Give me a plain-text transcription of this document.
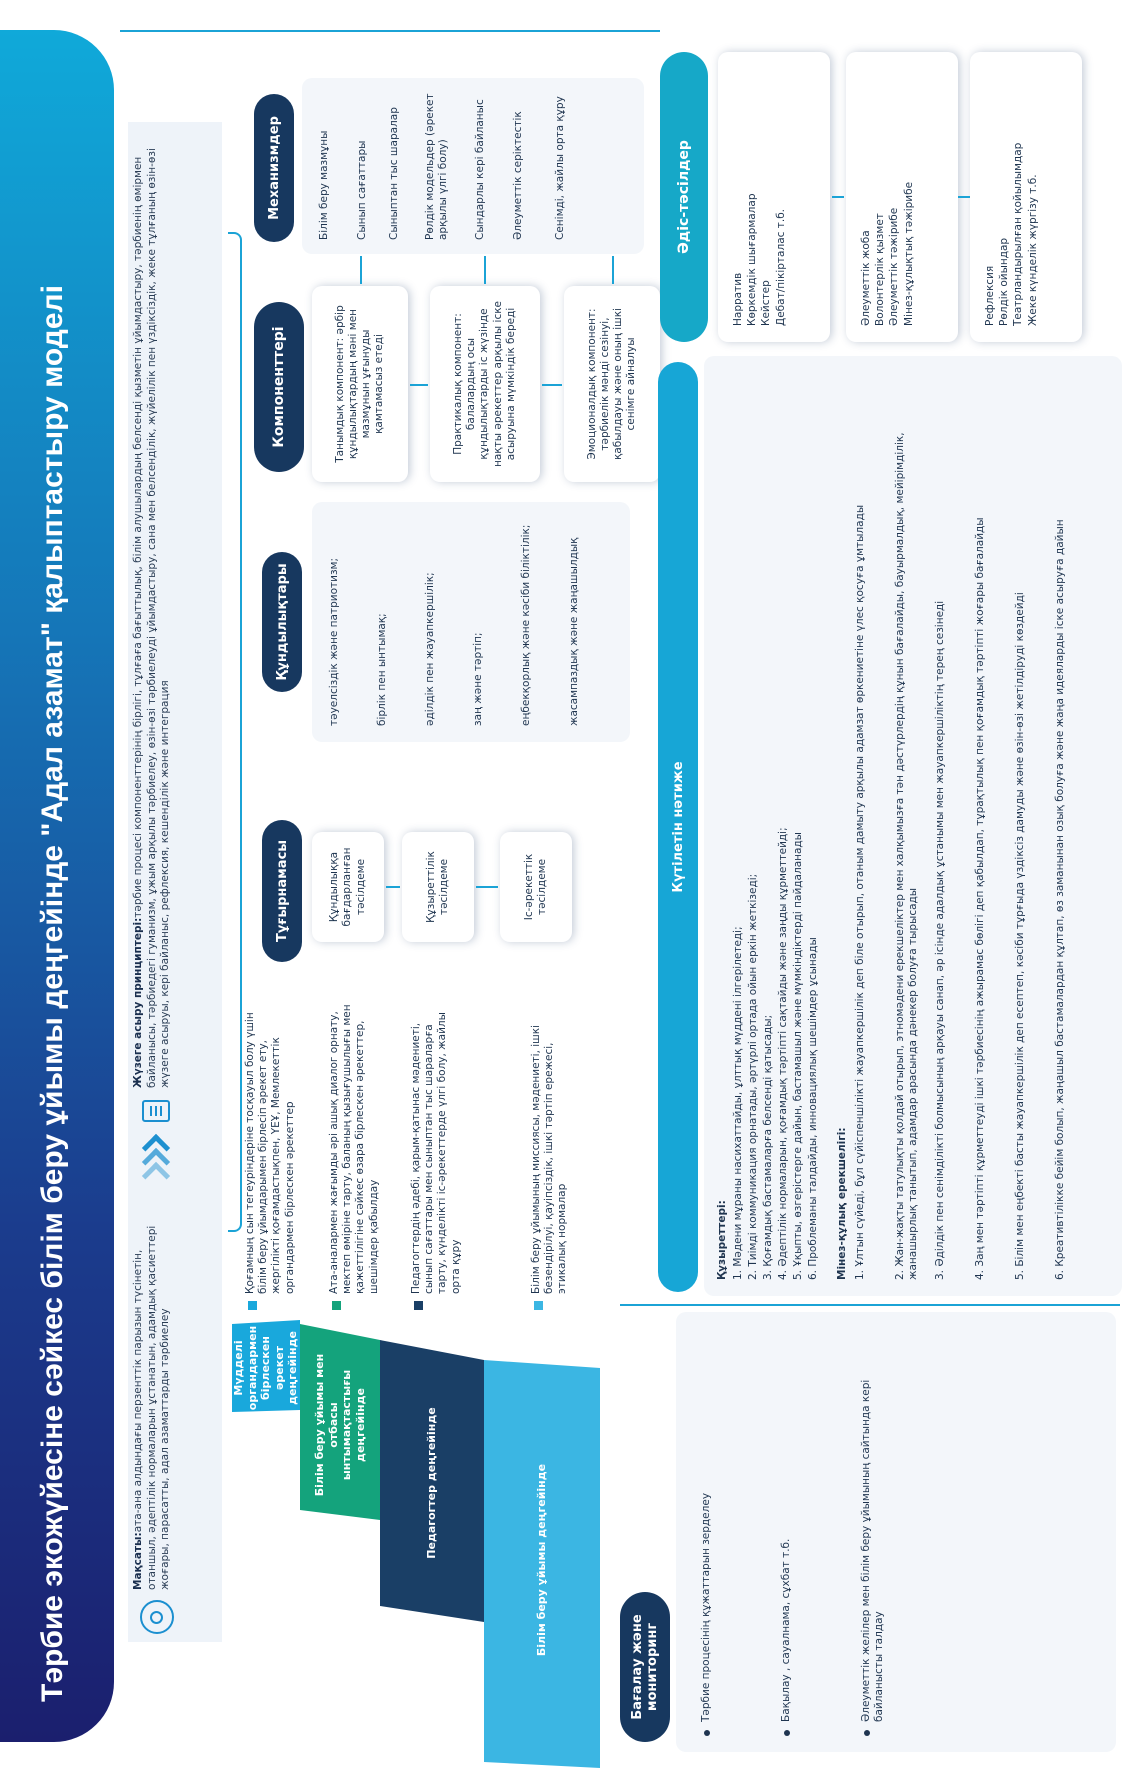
Тәрбие экожүйесіне сәйкес білім беру ұйымы деңгейінде "Адал азамат" қалыптастыру моделі	Мақсаты:ата-ана алдындағы перзенттік парызын түсінетін, отаншыл, әдептілік нормаларын ұстанатын, адамдық қасиеттері жоғары, парасатты, адал азаматтарды тәрбиелеу
Жүзеге асыру принциптері:тәрбие процесі компоненттерінің бірлігі, тұлғаға бағыттылық, білім алушылардың белсенді қызметін ұйымдастыру, тәрбиенің өмірмен байланысы, тәрбиедегі гуманизм, ұжым арқылы тәрбиелеу, өзін-өзі тәрбиелеуді ұйымдастыру, сана мен белсенділік, жүйелілік пен үздіксіздік, жеке тұлғаның өзін-өзі жүзеге асыруы, кері байланыс, рефлексия, кешенділік және интеграция
Мүдделі органдармен бірлескен әрекет деңгейінде	Білім беру ұйымы мен отбасы ынтымақтастығы деңгейінде	Педагогтер деңгейінде	Білім беру ұйымы деңгейінде
Қоғамның сын тегеуріндеріне тосқауыл болу үшін білім беру ұйымдарымен бірлесіп әрекет ету, жергілікті қоғамдастықпен, ҮЕҰ, Мемлекеттік органдармен бірлескен әрекеттер	Ата-аналармен жағымды әрі ашық диалог орнату, мектеп өміріне тарту, баланың қызығушылығы мен қажеттілігіне сәйкес өзара бірлескен әрекеттер, шешімдер қабылдау	Педагогтердің әдебі, қарым-қатынас мәдениеті, сынып сағаттары мен сыныптан тыс шараларға тарту, күнделікті іс-әрекеттерде үлгі болу, жайлы орта құру	Білім беру ұйымының миссиясы, мәдениеті, ішкі безендірілуі, қауіпсіздік, ішкі тәртіп ережесі, этикалық нормалар
Тұғырнамасы
Құндылықтары
Компоненттері
Механизмдер
Құндылыққа бағдарланған тәсілдеме	Құзыреттілік тәсілдеме	Іс-әрекеттік тәсілдеме
тәуелсіздік және патриотизм;	бірлік пен ынтымақ;	әділдік пен жауапкершілік;	заң және тәртіп;	еңбекқорлық және кәсіби біліктілік;	жасампаздық және жаңашылдық
Танымдық компонент: әрбір құндылықтардың мәні мен мазмұнын ұғынуды қамтамасыз етеді	Практикалық компонент: балалардың осы құндылықтарды іс жүзінде нақты әрекеттер арқылы іске асыруына мүмкіндік береді	Эмоционалдық компонент: тәрбиелік мәнді сезінуі, қабылдауы және оның ішкі сенімге айналуы
Білім беру мазмұны Сынып сағаттары Сыныптан тыс шаралар Рөлдік модельдер (әрекет арқылы үлгі болу) Сындарлы кері байланыс Әлеуметтік серіктестік	Сенімді, жайлы орта құру	Әдіс-тәсілдер
Нарратив Көркемдік шығармалар Кейстер Дебат/пікірталас т.б.	Әлеуметтік жоба Волонтерлік қызмет Әлеуметтік тәжірибе Мінез-құлықтық тәжірибе	Рефлексия Рөлдік ойындар Театрландырылған қойылымдар Жеке күнделік жүргізу т.б.
Күтілетін нәтиже
Құзыреттері: 1. Мәдени мұраны насихаттайды, ұлттық мүддені ілгерілетеді; 2. Тиімді коммуникация орнатады, әртүрлі ортада ойын еркін жеткізеді; 3. Қоғамдық бастамаларға белсенді қатысады; 4. Әдептілік нормаларын, қоғамдық тәртіпті сақтайды және заңды құрметтейді; 5. Ұқыпты, өзгерістерге дайын, бастамашыл және мүмкіндіктерді пайдаланады 6. Проблеманы талдайды, инновациялық шешімдер ұсынады Мінез-құлық ерекшелігі: 1. Ұлтын сүйеді, бұл сүйіспеншілікті жауапкершілік деп біле отырып, отаным дамыту арқылы адамзат өркениетіне үлес қосуға ұмтылады	2. Жан-жақты татулықты қолдай отырып, этномәдени ерекшеліктер мен халқымызға тән дәстүрлердің құнын бағалайды, бауырмалдық, мейірімділік, жанашырлық танытып, адамдар арасында дәнекер болуға тырысады 3. Әділдік пен сенімділікті болмысының арқауы санап, әр ісінде адалдық ұстанымы мен жауапкершіліктің терең сезінеді	4. Заң мен тәртіпті құрметтеуді ішкі тәрбиесінің ажырамас бөлігі деп қабылдап, тұрақтылық пен қоғамдық тәртіпті жоғары бағалайды	5. Білім мен еңбекті басты жауапкершілік деп есептеп, кәсіби тұрғыда үздіксіз дамуды және өзін-өзі жетілдіруді көздейді	6. Креативтілікке бейім болып, жаңашыл бастамалардан құлтап, өз заманынан озық болуға және жаңа идеяларды іске асыруға дайын
Бағалау және мониторинг	Тәрбие процесінің құжаттарын зерделеу	Бақылау , сауалнама, сұхбат т.б.	Әлеуметтік желілер мен білім беру ұйымының сайтында кері байланысты талдау
